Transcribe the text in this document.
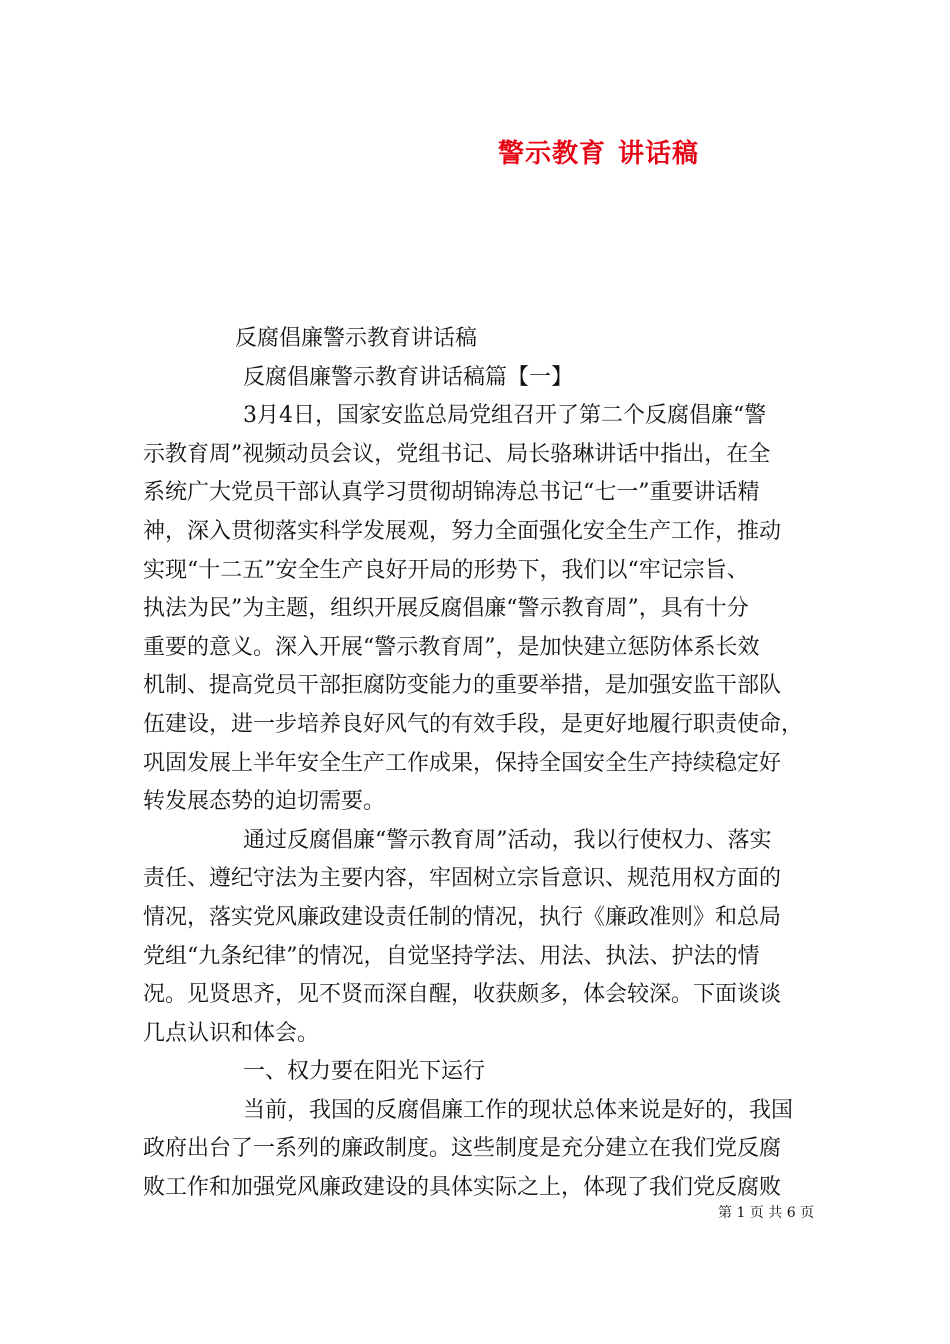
警示教育 讲话稿
反腐倡廉警示教育讲话稿
反腐倡廉警示教育讲话稿篇【一】
3月4日，国家安监总局党组召开了第二个反腐倡廉“警
示教育周”视频动员会议，党组书记、局长骆琳讲话中指出，在全
系统广大党员干部认真学习贯彻胡锦涛总书记“七一”重要讲话精
神，深入贯彻落实科学发展观，努力全面强化安全生产工作，推动
实现“十二五”安全生产良好开局的形势下，我们以“牢记宗旨、
执法为民”为主题，组织开展反腐倡廉“警示教育周”，具有十分
重要的意义。深入开展“警示教育周”，是加快建立惩防体系长效
机制、提高党员干部拒腐防变能力的重要举措，是加强安监干部队
伍建设，进一步培养良好风气的有效手段，是更好地履行职责使命，
巩固发展上半年安全生产工作成果，保持全国安全生产持续稳定好
转发展态势的迫切需要。
通过反腐倡廉“警示教育周”活动，我以行使权力、落实
责任、遵纪守法为主要内容，牢固树立宗旨意识、规范用权方面的
情况，落实党风廉政建设责任制的情况，执行《廉政准则》和总局
党组“九条纪律”的情况，自觉坚持学法、用法、执法、护法的情
况。见贤思齐，见不贤而深自醒，收获颇多，体会较深。下面谈谈
几点认识和体会。
一、权力要在阳光下运行
当前，我国的反腐倡廉工作的现状总体来说是好的，我国
政府出台了一系列的廉政制度。这些制度是充分建立在我们党反腐
败工作和加强党风廉政建设的具体实际之上，体现了我们党反腐败
第 1 页 共 6 页
